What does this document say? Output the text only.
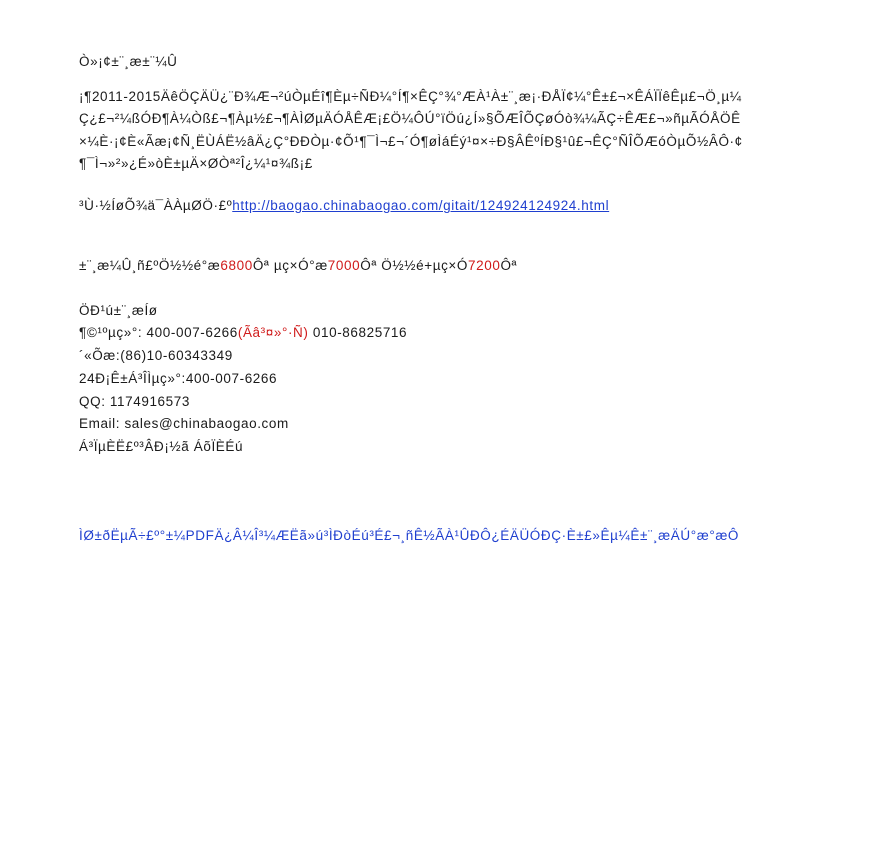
Ò»¡¢±¨¸æ±¨¼Û
¡¶2011-2015ÄêÖÇÄÜ¿¨Ð¾Æ¬²úÒµÉî¶Èµ÷ÑÐ¼°Í¶×ÊÇ°¾°ÆÀ¹À±¨¸æ¡·ÐÅÏ¢¼°Ê±£¬×ÊÁÏÏêÊµ£¬Ö¸µ¼
Ç¿£¬²¼ßÓÐ¶À¼Òß£¬¶Àµ½£¬¶ÀÌØµÄÓÅÊÆ¡£Ö¼ÔÚ°ïÖú¿Í»§ÕÆÎÕÇøÓò¾¼ÃÇ÷ÊÆ£¬»ñµÃÓÅÖÊ
×¼È·¡¢È«Ãæ¡¢Ñ¸ËÙÁË½âÄ¿Ç°ÐÐÒµ·¢Õ¹¶¯Ì¬£¬´Ó¶øÌáÉý¹¤×÷Ð§ÂÊºÍÐ§¹û£¬ÊÇ°ÑÎÕÆóÒµÕ½ÂÔ·¢
¶¯Ì¬»²»¿É»òÈ±µÄ×ØÒª²Î¿¼¹¤¾ß¡£
³Ù·½ÍøÕ¾ä¯ÀÀµØÖ·£ºhttp://baogao.chinabaogao.com/gitait/124924124924.html
±¨¸æ¼Û¸ñ£ºÖ½½é°æ6800Ôª µç×Ó°æ7000Ôª Ö½½é+µç×Ó7200Ôª
ÖÐ¹ú±¨¸æÍø
¶©¹ºµç»°: 400-007-6266(Ãâ³¤»°·Ñ) 010-86825716
´«Õæ:(86)10-60343349
24Ð¡Ê±Á³ÎÌµç»°:400-007-6266
QQ: 1174916573
Email: sales@chinabaogao.com
Á³ÏµÈË£º³ÂÐ¡½ã ÁõÏÈÉú
ÌØ±ðËµÃ÷£º°±¼PDFÄ¿Â¼Î³¼ÆËã»ú³ÌÐòÉú³É£¬¸ñÊ½ÃÀ¹ÛÐÔ¿ÉÄÜÓÐÇ·È±£»Êµ¼Ê±¨¸æÄÚ°æ°æÔ
